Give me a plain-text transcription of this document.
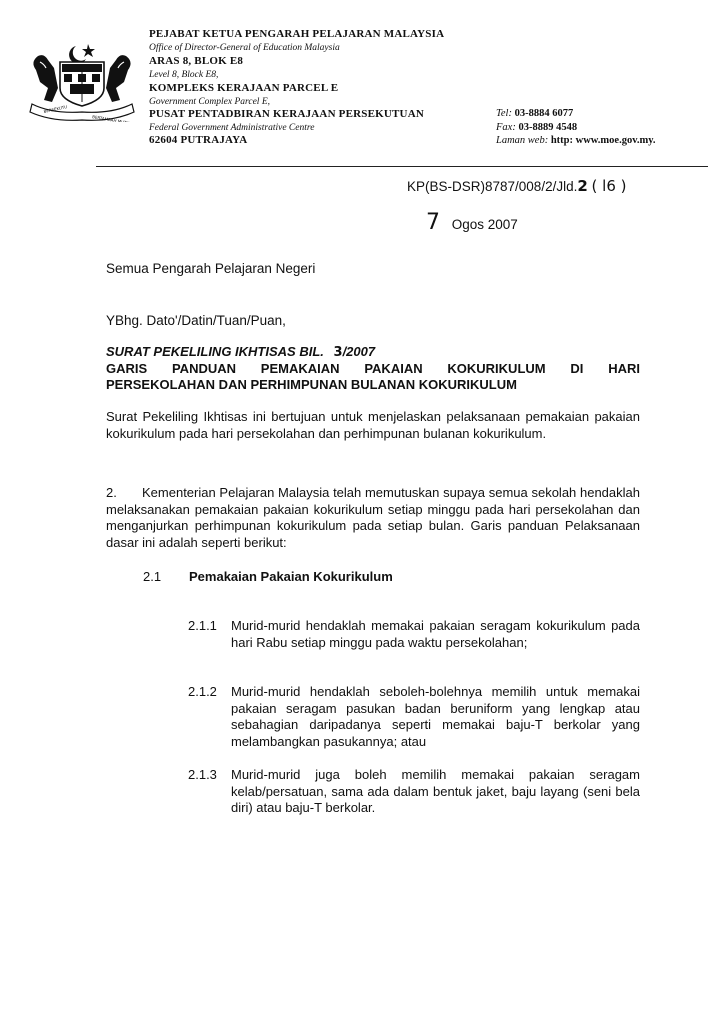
BERSEKUTU
BERTAMBAH MUTU
PEJABAT KETUA PENGARAH PELAJARAN MALAYSIA
Office of Director-General of Education Malaysia
ARAS 8, BLOK E8
Level 8, Block E8,
KOMPLEKS KERAJAAN PARCEL E
Government Complex Parcel E,
PUSAT PENTADBIRAN KERAJAAN PERSEKUTUAN
Federal Government Administrative Centre
62604 PUTRAJAYA
Tel: 03-8884 6077
Fax: 03-8889 4548
Laman web: http: www.moe.gov.my.
KP(BS-DSR)8787/008/2/Jld.2 ( l6 )
7 Ogos 2007
Semua Pengarah Pelajaran Negeri
YBhg. Dato'/Datin/Tuan/Puan,
SURAT PEKELILING IKHTISAS BIL. 3/2007
GARIS PANDUAN PEMAKAIAN PAKAIAN KOKURIKULUM DI HARI
PERSEKOLAHAN DAN PERHIMPUNAN BULANAN KOKURIKULUM
Surat Pekeliling Ikhtisas ini bertujuan untuk menjelaskan pelaksanaan pemakaian pakaian kokurikulum pada hari persekolahan dan perhimpunan bulanan kokurikulum.
2. Kementerian Pelajaran Malaysia telah memutuskan supaya semua sekolah hendaklah melaksanakan pemakaian pakaian kokurikulum setiap minggu pada hari persekolahan dan menganjurkan perhimpunan kokurikulum pada setiap bulan. Garis panduan Pelaksanaan dasar ini adalah seperti berikut:
2.1 Pemakaian Pakaian Kokurikulum
2.1.1 Murid-murid hendaklah memakai pakaian seragam kokurikulum pada hari Rabu setiap minggu pada waktu persekolahan;
2.1.2 Murid-murid hendaklah seboleh-bolehnya memilih untuk memakai pakaian seragam pasukan badan beruniform yang lengkap atau sebahagian daripadanya seperti memakai baju-T berkolar yang melambangkan pasukannya; atau
2.1.3 Murid-murid juga boleh memilih memakai pakaian seragam kelab/persatuan, sama ada dalam bentuk jaket, baju layang (seni bela diri) atau baju-T berkolar.
